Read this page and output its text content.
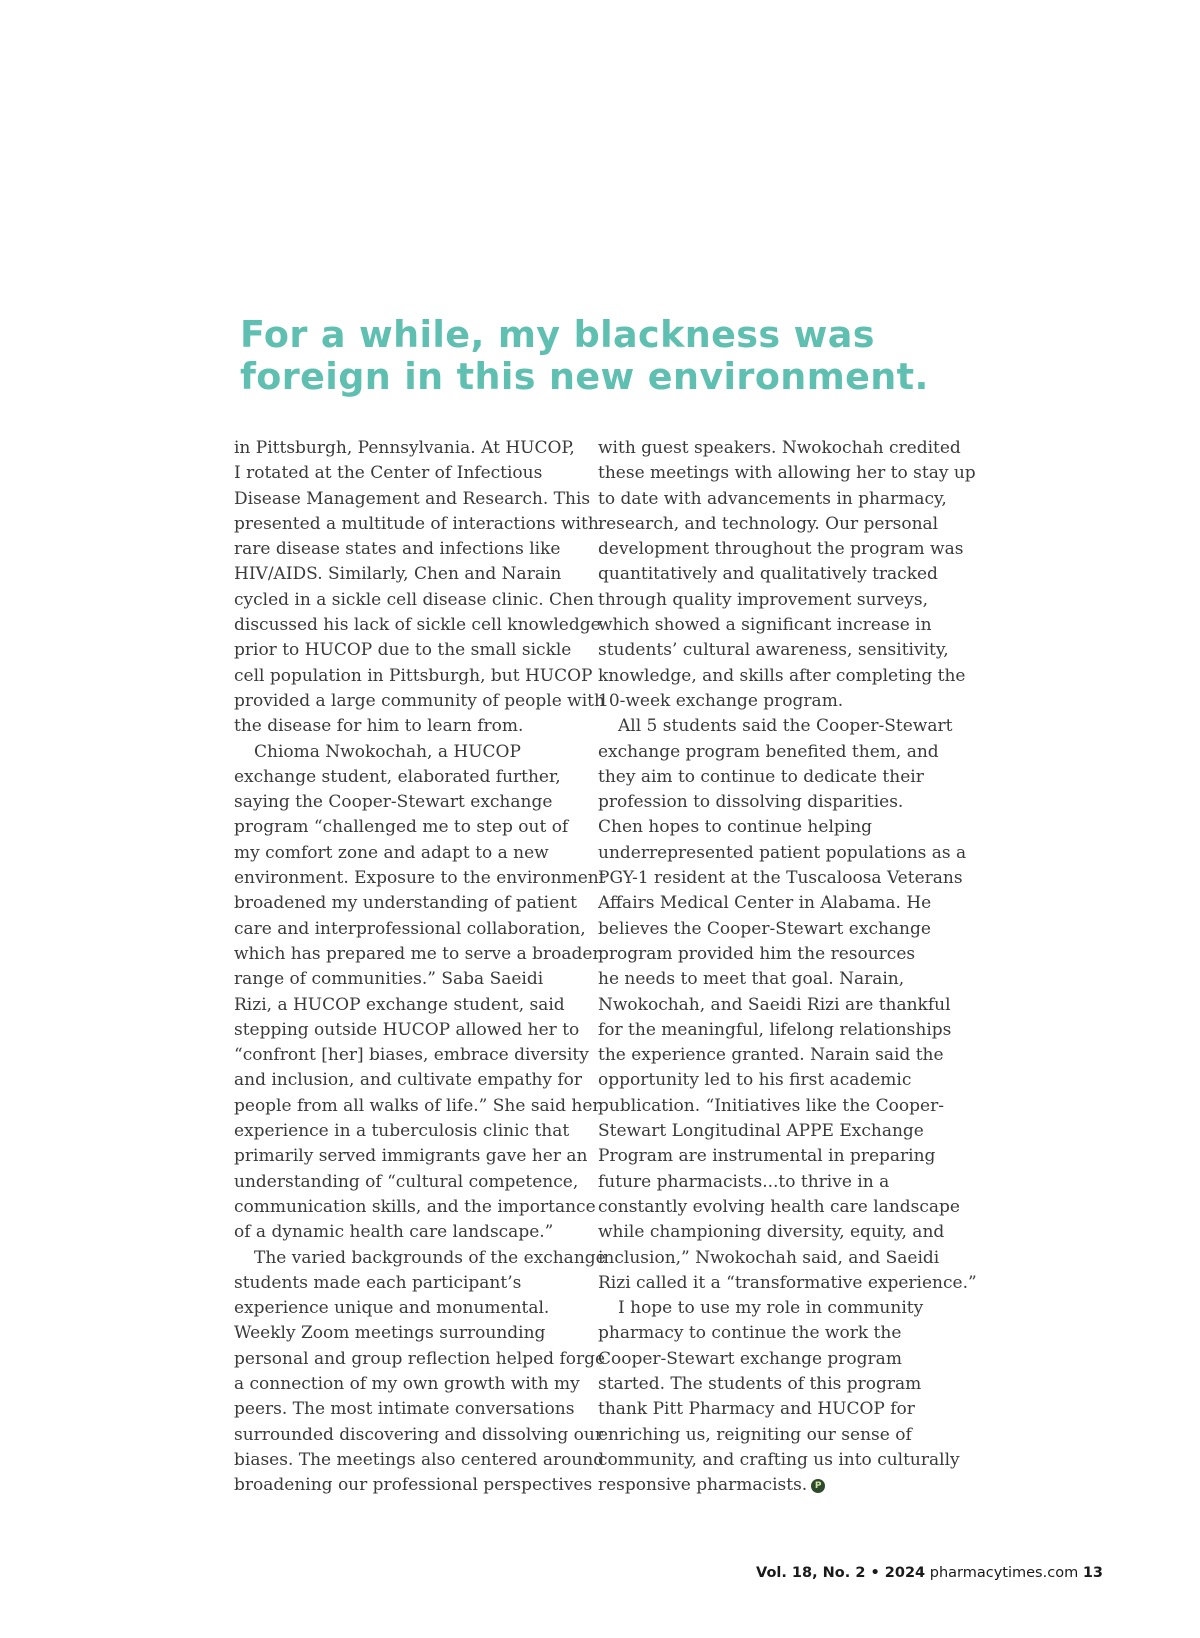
For a while, my blackness was
foreign in this new environment.
in Pittsburgh, Pennsylvania. At HUCOP,
I rotated at the Center of Infectious
Disease Management and Research. This
presented a multitude of interactions with
rare disease states and infections like
HIV/AIDS. Similarly, Chen and Narain
cycled in a sickle cell disease clinic. Chen
discussed his lack of sickle cell knowledge
prior to HUCOP due to the small sickle
cell population in Pittsburgh, but HUCOP
provided a large community of people with
the disease for him to learn from.
Chioma Nwokochah, a HUCOP
exchange student, elaborated further,
saying the Cooper-Stewart exchange
program “challenged me to step out of
my comfort zone and adapt to a new
environment. Exposure to the environment
broadened my understanding of patient
care and interprofessional collaboration,
which has prepared me to serve a broader
range of communities.” Saba Saeidi
Rizi, a HUCOP exchange student, said
stepping outside HUCOP allowed her to
“confront [her] biases, embrace diversity
and inclusion, and cultivate empathy for
people from all walks of life.” She said her
experience in a tuberculosis clinic that
primarily served immigrants gave her an
understanding of “cultural competence,
communication skills, and the importance
of a dynamic health care landscape.”
The varied backgrounds of the exchange
students made each participant’s
experience unique and monumental.
Weekly Zoom meetings surrounding
personal and group reflection helped forge
a connection of my own growth with my
peers. The most intimate conversations
surrounded discovering and dissolving our
biases. The meetings also centered around
broadening our professional perspectives
with guest speakers. Nwokochah credited
these meetings with allowing her to stay up
to date with advancements in pharmacy,
research, and technology. Our personal
development throughout the program was
quantitatively and qualitatively tracked
through quality improvement surveys,
which showed a significant increase in
students’ cultural awareness, sensitivity,
knowledge, and skills after completing the
10-week exchange program.
All 5 students said the Cooper-Stewart
exchange program benefited them, and
they aim to continue to dedicate their
profession to dissolving disparities.
Chen hopes to continue helping
underrepresented patient populations as a
PGY-1 resident at the Tuscaloosa Veterans
Affairs Medical Center in Alabama. He
believes the Cooper-Stewart exchange
program provided him the resources
he needs to meet that goal. Narain,
Nwokochah, and Saeidi Rizi are thankful
for the meaningful, lifelong relationships
the experience granted. Narain said the
opportunity led to his first academic
publication. “Initiatives like the Cooper-
Stewart Longitudinal APPE Exchange
Program are instrumental in preparing
future pharmacists...to thrive in a
constantly evolving health care landscape
while championing diversity, equity, and
inclusion,” Nwokochah said, and Saeidi
Rizi called it a “transformative experience.”
I hope to use my role in community
pharmacy to continue the work the
Cooper-Stewart exchange program
started. The students of this program
thank Pitt Pharmacy and HUCOP for
enriching us, reigniting our sense of
community, and crafting us into culturally
responsive pharmacists. P
Vol. 18, No. 2 • 2024 pharmacytimes.com 13
